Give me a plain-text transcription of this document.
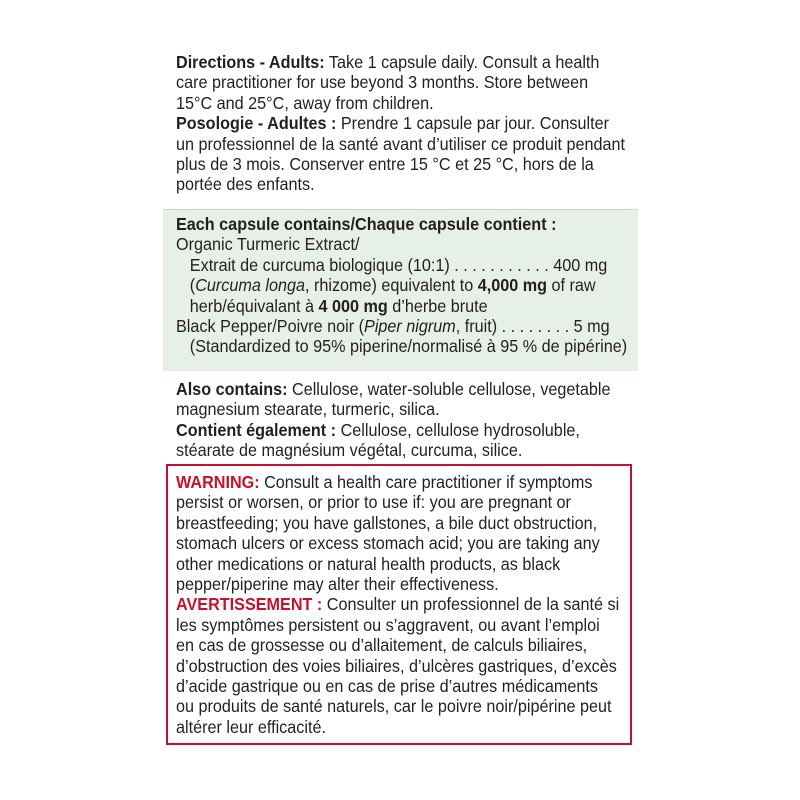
Directions - Adults: Take 1 capsule daily. Consult a health
care practitioner for use beyond 3 months. Store between
15°C and 25°C, away from children.
Posologie - Adultes : Prendre 1 capsule par jour. Consulter
un professionnel de la santé avant d’utiliser ce produit pendant
plus de 3 mois. Conserver entre 15 °C et 25 °C, hors de la
portée des enfants.
Each capsule contains/Chaque capsule contient :
Organic Turmeric Extract/
Extrait de curcuma biologique (10:1) . . . . . . . . . . . 400 mg
(Curcuma longa, rhizome) equivalent to 4,000 mg of raw
herb/équivalant à 4 000 mg d’herbe brute
Black Pepper/Poivre noir (Piper nigrum, fruit) . . . . . . . . 5 mg
(Standardized to 95% piperine/normalisé à 95 % de pipérine)
Also contains: Cellulose, water-soluble cellulose, vegetable
magnesium stearate, turmeric, silica.
Contient également : Cellulose, cellulose hydrosoluble,
stéarate de magnésium végétal, curcuma, silice.
WARNING: Consult a health care practitioner if symptoms
persist or worsen, or prior to use if: you are pregnant or
breastfeeding; you have gallstones, a bile duct obstruction,
stomach ulcers or excess stomach acid; you are taking any
other medications or natural health products, as black
pepper/piperine may alter their effectiveness.
AVERTISSEMENT : Consulter un professionnel de la santé si
les symptômes persistent ou s’aggravent, ou avant l’emploi
en cas de grossesse ou d’allaitement, de calculs biliaires,
d’obstruction des voies biliaires, d’ulcères gastriques, d’excès
d’acide gastrique ou en cas de prise d’autres médicaments
ou produits de santé naturels, car le poivre noir/pipérine peut
altérer leur efficacité.
